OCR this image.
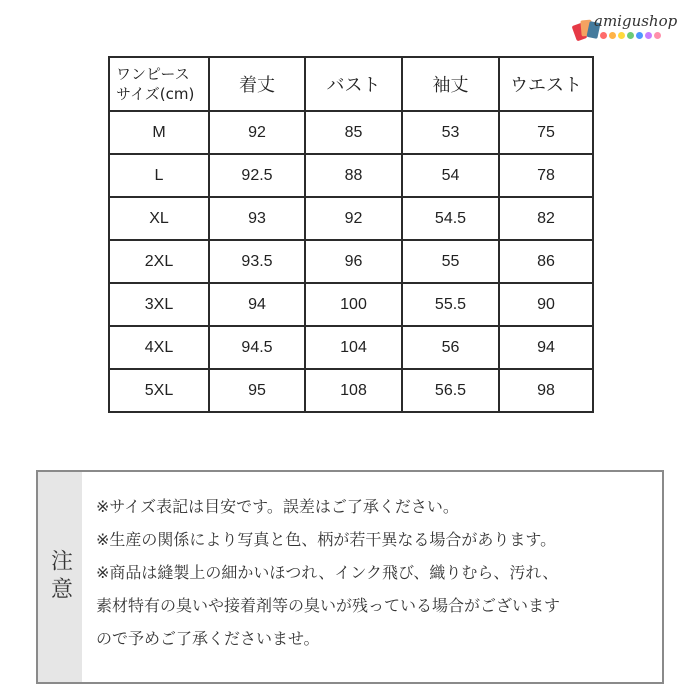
amigushop
ワンピース
サイズ(cm)	着丈	バスト	袖丈	ウエスト
M	92	85	53	75
L	92.5	88	54	78
XL	93	92	54.5	82
2XL	93.5	96	55	86
3XL	94	100	55.5	90
4XL	94.5	104	56	94
5XL	95	108	56.5	98
注意
※サイズ表記は目安です。誤差はご了承ください。
※生産の関係により写真と色、柄が若干異なる場合があります。
※商品は縫製上の細かいほつれ、インク飛び、織りむら、汚れ、
素材特有の臭いや接着剤等の臭いが残っている場合がございます
ので予めご了承くださいませ。
